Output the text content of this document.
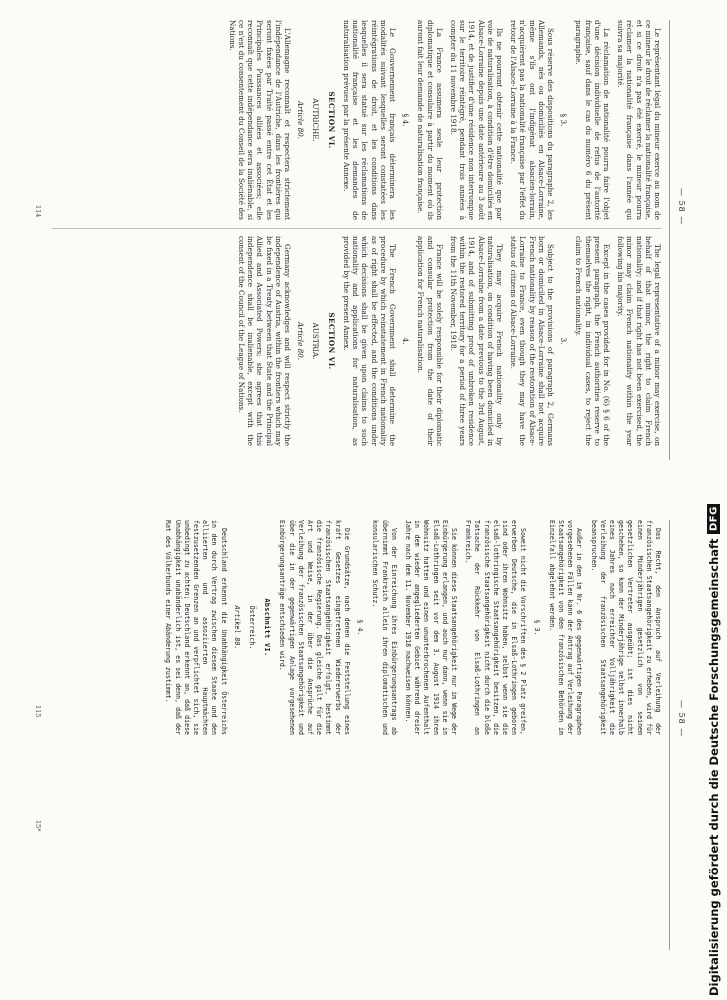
— 58 —

Le représentant légal du mineur exerce au nom de ce mineur le droit de réclamer la nationalité française, et si ce droit n'a pas été exercé, le mineur pourra réclamer la nationalité française dans l'année qui suivra sa majorité.

La réclamation de nationalité pourra faire l'objet d'une décision individuelle de refus de l'autorité française, sauf dans le cas du numéro 6 du présent paragraphe.

§ 3.

Sous réserve des dispositions du paragraphe 2, les Allemands, nés ou domiciliés en Alsace-Lorraine, même s'ils ont l'indigénat alsacien-lorrain, n'acquièrent pas la nationalité française par l'effet du retour de l'Alsace-Lorraine à la France.

Ils ne pourront obtenir cette nationalité que par voie de naturalisation, à condition d'être domiciliés en Alsace-Lorraine depuis une date antérieure au 3 août 1914, et de justifier d'une résidence non interrompue sur le territoire réintégré, pendant trois années à compter du 11 novembre 1918.

La France assumera seule leur protection diplomatique et consulaire à partir du moment où ils auront fait leur demande de naturalisation française.

§ 4.

Le Gouvernement français déterminera les modalités suivant lesquelles seront constatées les réintégrations de droit, et les conditions dans lesquelles il sera statué sur les réclamations de nationalité française et les demandes de naturalisation prévues par la présente Annexe.

SECTION VI.

AUTRICHE.

Article 80.

L'Allemagne reconnaît et respectera strictement l'indépendance de l'Autriche, dans les frontières qui seront fixées par Traité passé entre cet État et les Principales Puissances alliées et associées; elle reconnaît que cette indépendance sera inaliénable, si ce n'est du consentement du Conseil de la Société des Nations.

The legal representative of a minor may exercise, on behalf of that minor, the right to claim French nationality; and if that right has not been exercised, the minor may claim French nationality within the year following his majority.

Except in the cases provided for in No. (6) § 6 of the present paragraph, the French authorities reserve to themselves the right, in individual cases, to reject the claim to French nationality.

3.

Subject to the provisions of paragraph 2, Germans born or domiciled in Alsace-Lorraine shall not acquire French nationality by reason of the restoration of Alsace-Lorraine to France, even though they may have the status of citizens of Alsace-Lorraine.

They may acquire French nationality only by naturalisation, on condition of having been domiciled in Alsace-Lorraine from a date previous to the 3rd August, 1914, and of submitting proof of unbroken residence within the restored territory for a period of three years from the 11th November, 1918.

France will be solely responsible for their diplomatic and consular protection from the date of their application for French naturalisation.

4.

The French Government shall determine the procedure by which reinstatement in French nationality as of right shall be effected, and the conditions under which decisions shall be given upon claims to such nationality and applications for naturalisation, as provided by the present Annex.

SECTION VI.

AUSTRIA.

Article 80.

Germany acknowledges and will respect strictly the independence of Austria, within the frontiers which may be fixed in a Treaty between that State and the Principal Allied and Associated Powers; she agrees that this independence shall be inalienable, except with the consent of the Council of the League of Nations.

114
— 58 —

Das Recht, den Anspruch auf Verleihung der französischen Staatsangehörigkeit zu erheben, wird für einen Minderjährigen gesetzlich von seinem gesetzlichen Vertreter ausgeübt; ist dies nicht geschehen, so kann der Minderjährige selbst innerhalb eines Jahres nach erreichter Volljährigkeit die Verleihung der französischen Staatsangehörigkeit beanspruchen.

Außer in den im Nr. 6 des gegenwärtigen Paragraphen vorgesehenen Fällen kann der Antrag auf Verleihung der Staatsangehörigkeit von den französischen Behörden im Einzelfall abgelehnt werden.

§ 3.

Soweit nicht die Vorschriften des § 2 Platz greifen, erwerben Deutsche, die in Elsaß-Lothringen geboren sind oder ihren Wohnsitz haben, selbst wenn sie die elsaß-lothringische Staatsangehörigkeit besitzen, die französische Staatsangehörigkeit nicht durch die bloße Tatsache der Rückkehr von Elsaß-Lothringen an Frankreich.

Sie können diese Staatsangehörigkeit nur im Wege der Einbürgerung erlangen, und auch nur dann, wenn sie in Elsaß-Lothringen seit vor dem 3. August 1914 ihren Wohnsitz hatten und einen ununterbrochenen Aufenthalt in dem wieder angegliederten Gebiet während dreier Jahre nach dem 11. November 1918 nachweisen können.

Von der Einreichung ihres Einbürgerungsantrags ab übernimmt Frankreich allein ihren diplomatischen und konsularischen Schutz.

§ 4.

Die Grundsätze, nach denen die Feststellung eines kraft Gesetzes eingetretenen Wiedererwerbs der französischen Staatsangehörigkeit erfolgt, bestimmt die französische Regierung. Das gleiche gilt für die Art und Weise, in der über die Ansprüche auf Verleihung der französischen Staatsangehörigkeit und über die in der gegenwärtigen Anlage vorgesehenen Einbürgerungsanträge entschieden wird.

Abschnitt VI.

Österreich.

Artikel 80.

Deutschland erkennt die Unabhängigkeit Österreichs in den durch Vertrag zwischen diesem Staate und den alliierten und assoziierten Hauptmächten festzusetzenden Grenzen an und verpflichtet sich, sie unbedingt zu achten; Deutschland erkennt an, daß diese Unabhängigkeit unabänderlich ist, es sei denn, daß der Rat des Völkerbunds einer Abänderung zustimmt.

115
15*	Digitalisierung gefördert durch die Deutsche Forschungsgemeinschaft
DFG
